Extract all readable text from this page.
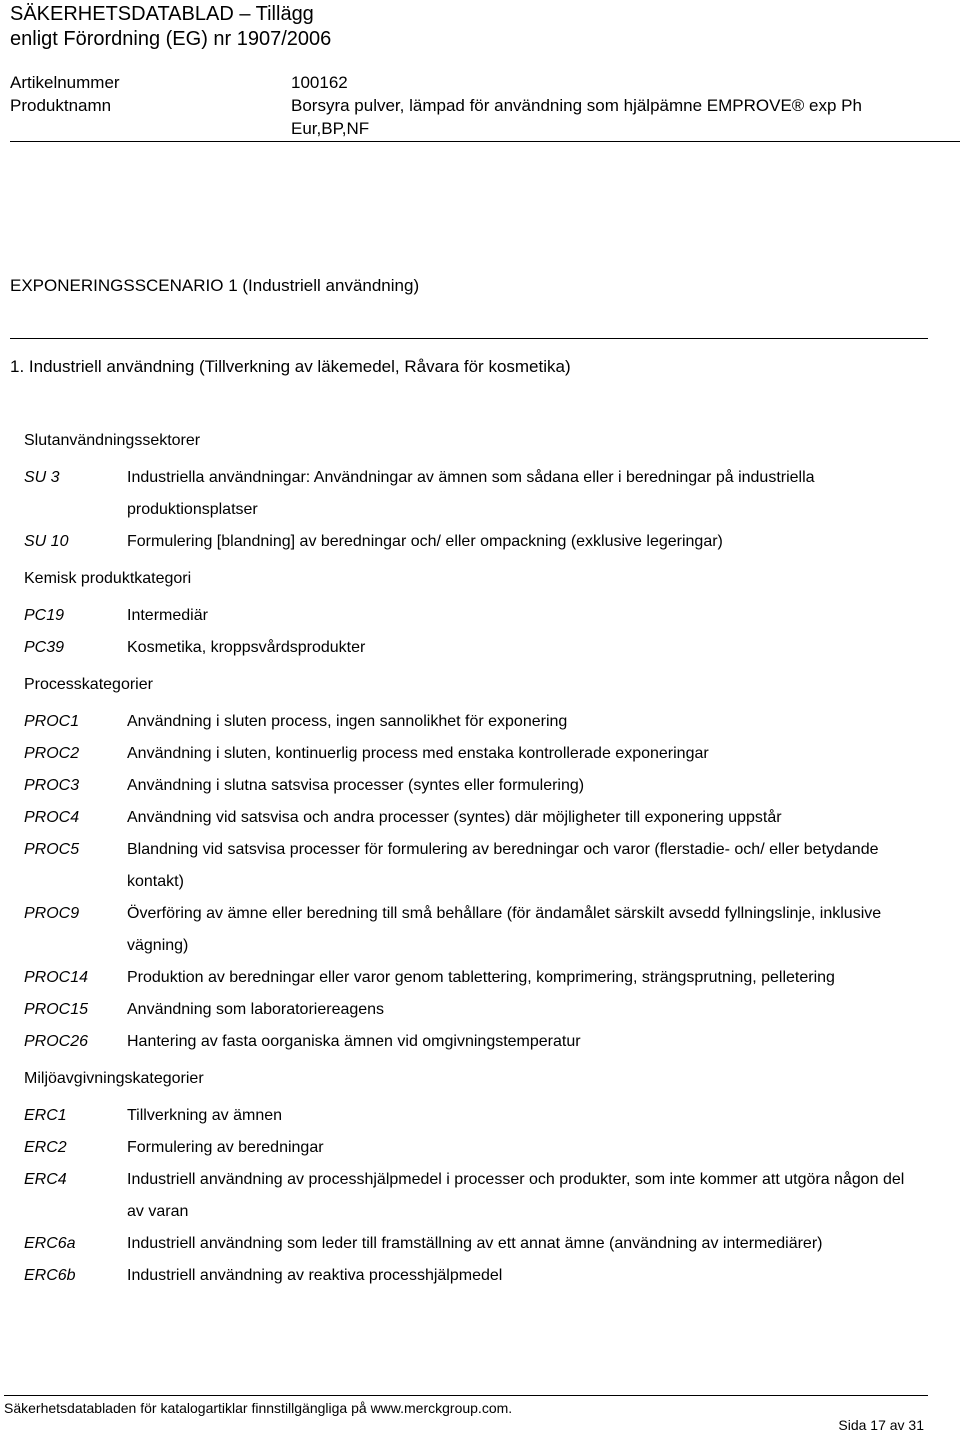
SÄKERHETSDATABLAD – Tillägg
enligt Förordning (EG) nr 1907/2006
Artikelnummer	100162
Produktnamn	Borsyra pulver, lämpad för användning som hjälpämne EMPROVE® exp Ph
Eur,BP,NF
EXPONERINGSSCENARIO 1 (Industriell användning)
1. Industriell användning (Tillverkning av läkemedel, Råvara för kosmetika)
Slutanvändningssektorer
SU 3	Industriella användningar: Användningar av ämnen som sådana eller i beredningar på industriella produktionsplatser
SU 10	Formulering [blandning] av beredningar och/ eller ompackning (exklusive legeringar)
Kemisk produktkategori
PC19	Intermediär
PC39	Kosmetika, kroppsvårdsprodukter
Processkategorier
PROC1	Användning i sluten process, ingen sannolikhet för exponering
PROC2	Användning i sluten, kontinuerlig process med enstaka kontrollerade exponeringar
PROC3	Användning i slutna satsvisa processer (syntes eller formulering)
PROC4	Användning vid satsvisa och andra processer (syntes) där möjligheter till exponering uppstår
PROC5	Blandning vid satsvisa processer för formulering av beredningar och varor (flerstadie- och/ eller betydande kontakt)
PROC9	Överföring av ämne eller beredning till små behållare (för ändamålet särskilt avsedd fyllningslinje, inklusive vägning)
PROC14	Produktion av beredningar eller varor genom tablettering, komprimering, strängsprutning, pelletering
PROC15	Användning som laboratoriereagens
PROC26	Hantering av fasta oorganiska ämnen vid omgivningstemperatur
Miljöavgivningskategorier
ERC1	Tillverkning av ämnen
ERC2	Formulering av beredningar
ERC4	Industriell användning av processhjälpmedel i processer och produkter, som inte kommer att utgöra någon del av varan
ERC6a	Industriell användning som leder till framställning av ett annat ämne (användning av intermediärer)
ERC6b	Industriell användning av reaktiva processhjälpmedel
Säkerhetsdatabladen för katalogartiklar finnstillgängliga på www.merckgroup.com.
Sida 17 av 31
